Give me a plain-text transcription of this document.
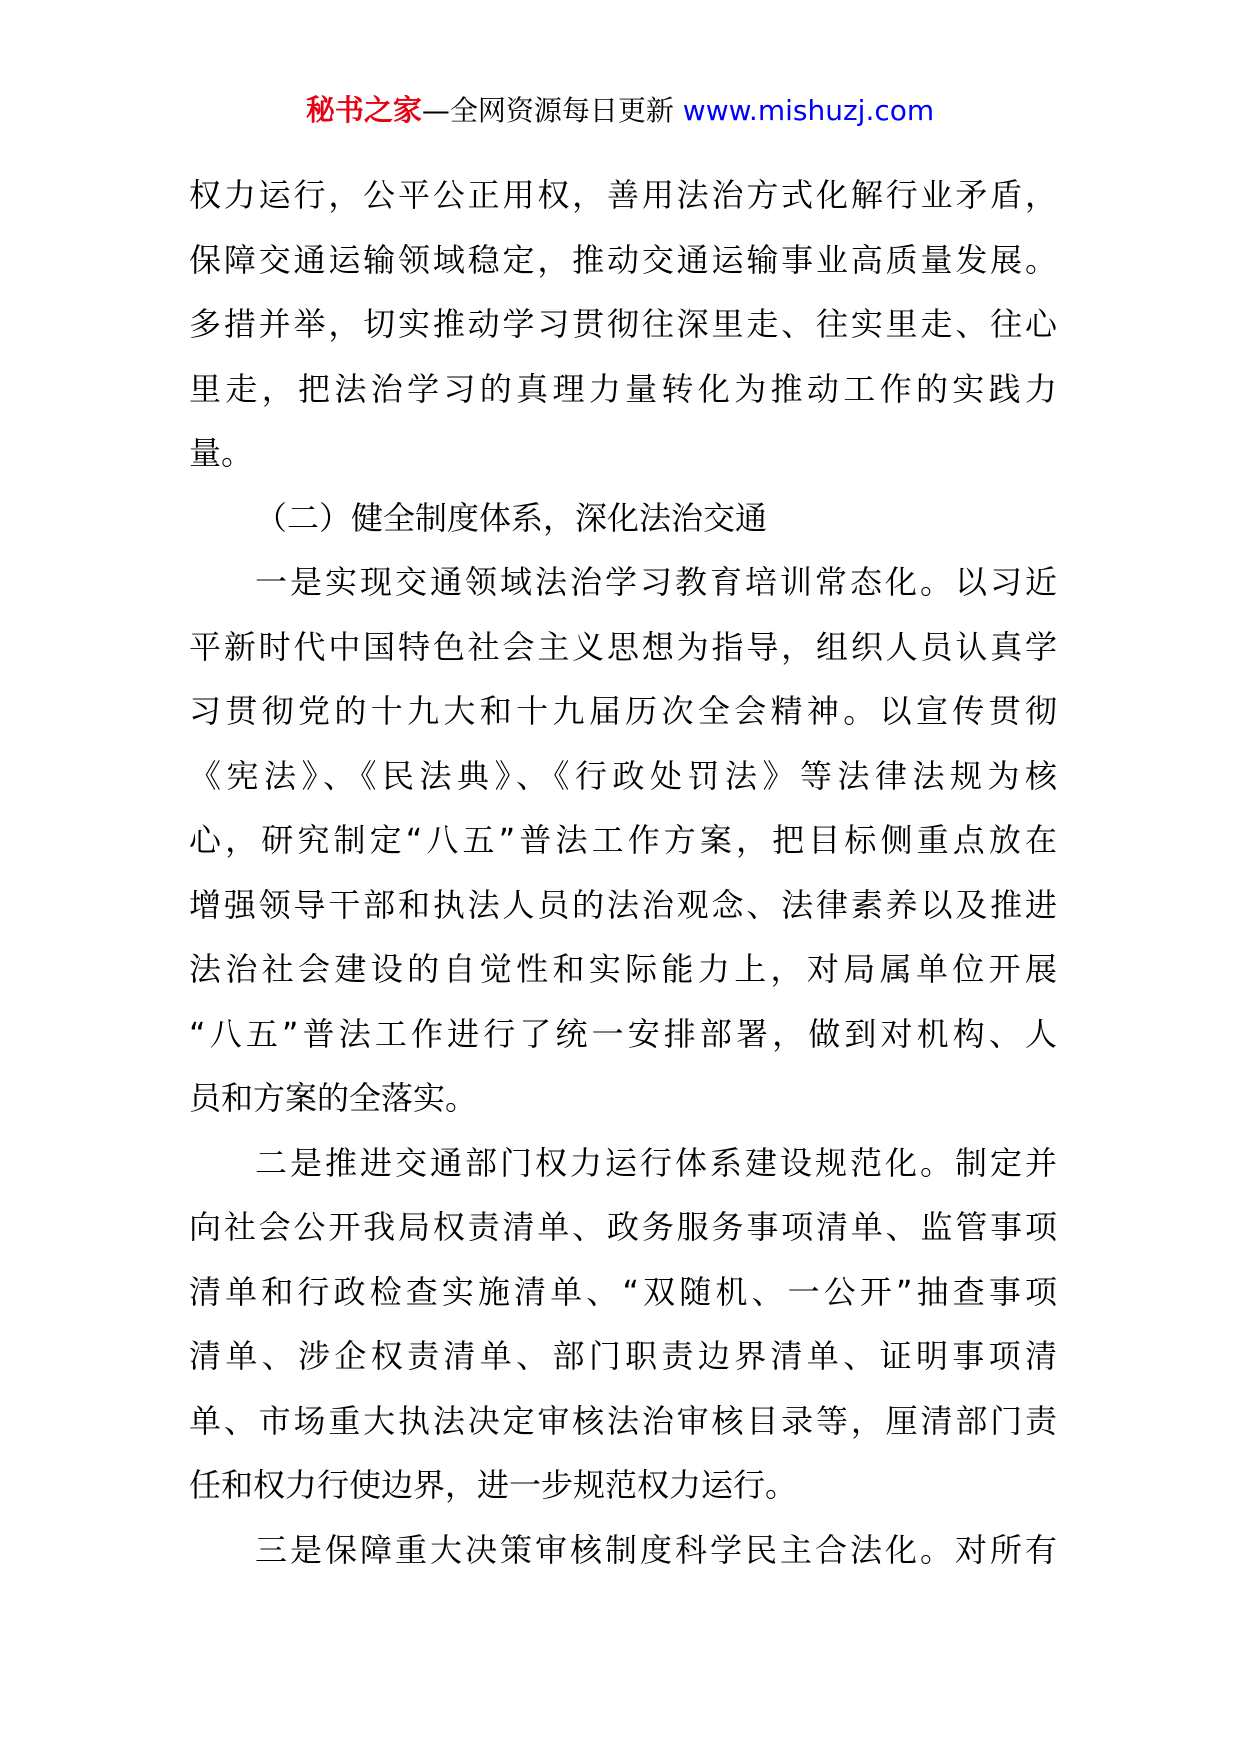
秘书之家—全网资源每日更新 www.mishuzj.com
权力运行，公平公正用权，善用法治方式化解行业矛盾，
保障交通运输领域稳定，推动交通运输事业高质量发展。
多措并举，切实推动学习贯彻往深里走、往实里走、往心
里走，把法治学习的真理力量转化为推动工作的实践力
量。
（二）健全制度体系，深化法治交通
一是实现交通领域法治学习教育培训常态化。以习近
平新时代中国特色社会主义思想为指导，组织人员认真学
习贯彻党的十九大和十九届历次全会精神。以宣传贯彻
《宪法》、《民法典》、《行政处罚法》等法律法规为核
心，研究制定“八五”普法工作方案，把目标侧重点放在
增强领导干部和执法人员的法治观念、法律素养以及推进
法治社会建设的自觉性和实际能力上，对局属单位开展
“八五”普法工作进行了统一安排部署，做到对机构、人
员和方案的全落实。
二是推进交通部门权力运行体系建设规范化。制定并
向社会公开我局权责清单、政务服务事项清单、监管事项
清单和行政检查实施清单、“双随机、一公开”抽查事项
清单、涉企权责清单、部门职责边界清单、证明事项清
单、市场重大执法决定审核法治审核目录等，厘清部门责
任和权力行使边界，进一步规范权力运行。
三是保障重大决策审核制度科学民主合法化。对所有
